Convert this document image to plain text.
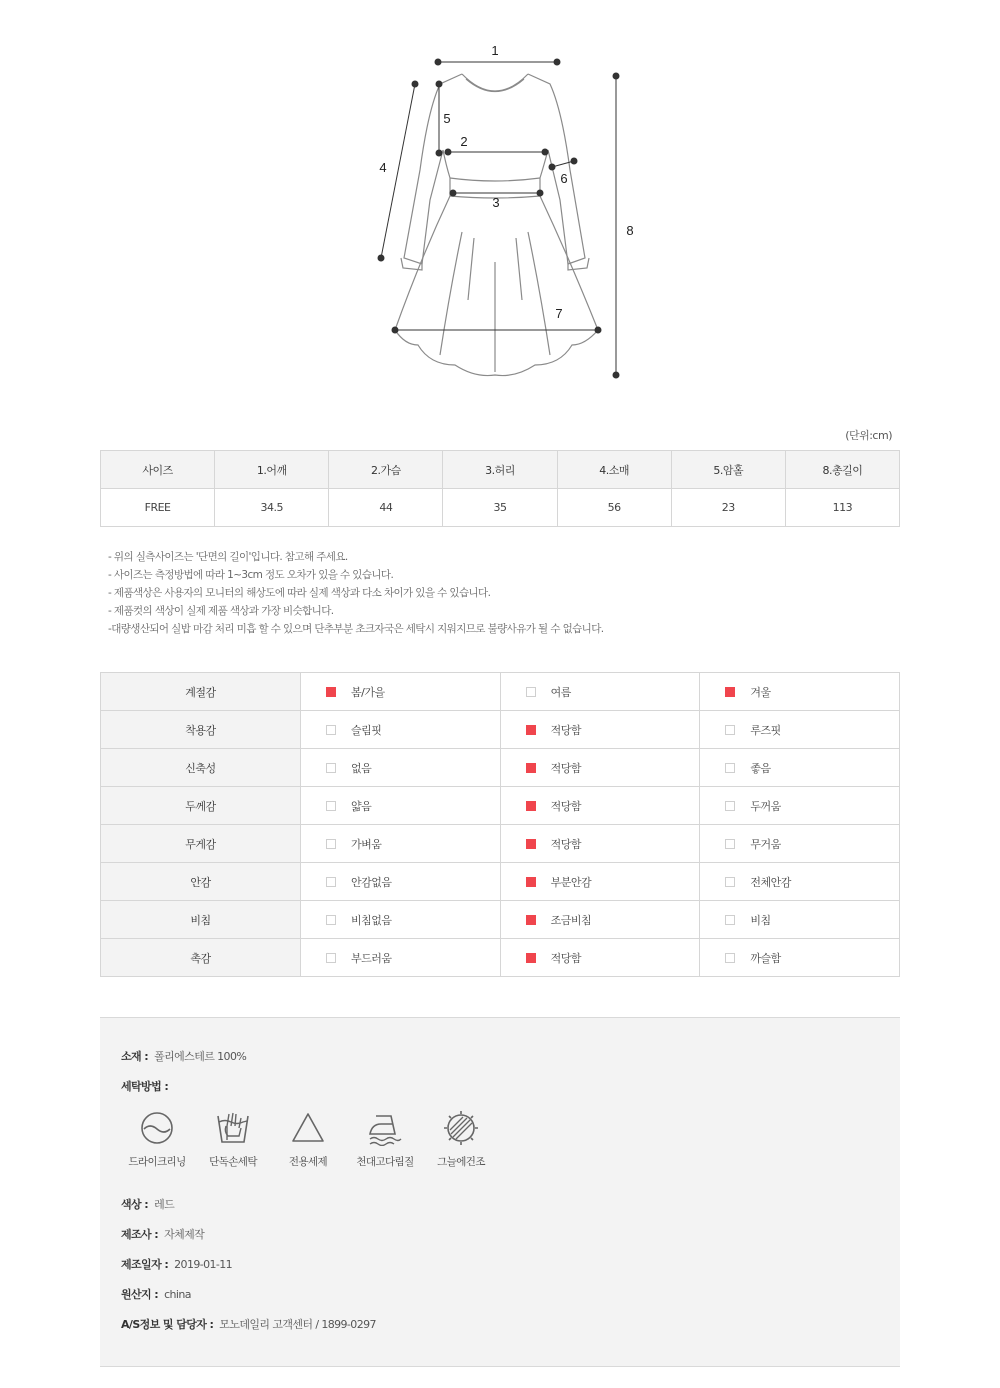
1
2
3
4
5
6
7
8
(단위:cm)
사이즈	1.어깨	2.가슴	3.허리	4.소매	5.암홀	8.총길이
FREE	34.5	44	35	56	23	113
- 위의 실측사이즈는 '단면의 길이'입니다. 참고해 주세요.
- 사이즈는 측정방법에 따라 1~3cm 정도 오차가 있을 수 있습니다.
- 제품색상은 사용자의 모니터의 해상도에 따라 실제 색상과 다소 차이가 있을 수 있습니다.
- 제품컷의 색상이 실제 제품 색상과 가장 비슷합니다.
-대량생산되어 실밥 마감 처리 미흡 할 수 있으며 단추부분 초크자국은 세탁시 지워지므로 불량사유가 될 수 없습니다.
계절감	봄/가을	여름	겨울
착용감	슬림핏	적당함	루즈핏
신축성	없음	적당함	좋음
두께감	얇음	적당함	두꺼움
무게감	가벼움	적당함	무거움
안감	안감없음	부분안감	전체안감
비침	비침없음	조금비침	비침
촉감	부드러움	적당함	까슬함
소재 : 폴리에스테르 100%
세탁방법 :
드라이크리닝	단독손세탁	전용세제	천대고다림질	그늘에건조
색상 : 레드
제조사 : 자체제작
제조일자 : 2019-01-11
원산지 : china
A/S정보 및 담당자 : 모노데일리 고객센터 / 1899-0297
